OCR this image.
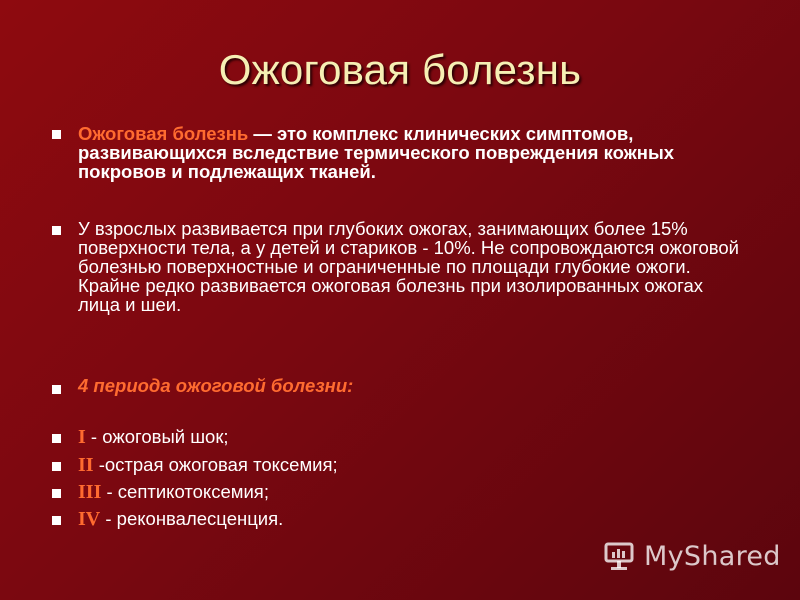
Ожоговая болезнь
Ожоговая болезнь — это комплекс клинических симптомов, развивающихся вследствие термического повреждения кожных покровов и подлежащих тканей.
У взрослых развивается при глубоких ожогах, занимающих более 15% поверхности тела, а у детей и стариков - 10%. Не сопровождаются ожоговой болезнью поверхностные и ограниченные по площади глубокие ожоги. Крайне редко развивается ожоговая болезнь при изолированных ожогах лица и шеи.
4 периода ожоговой болезни:
I - ожоговый шок;
II -острая ожоговая токсемия;
III - септикотоксемия;
IV - реконвалесценция.
MyShared
